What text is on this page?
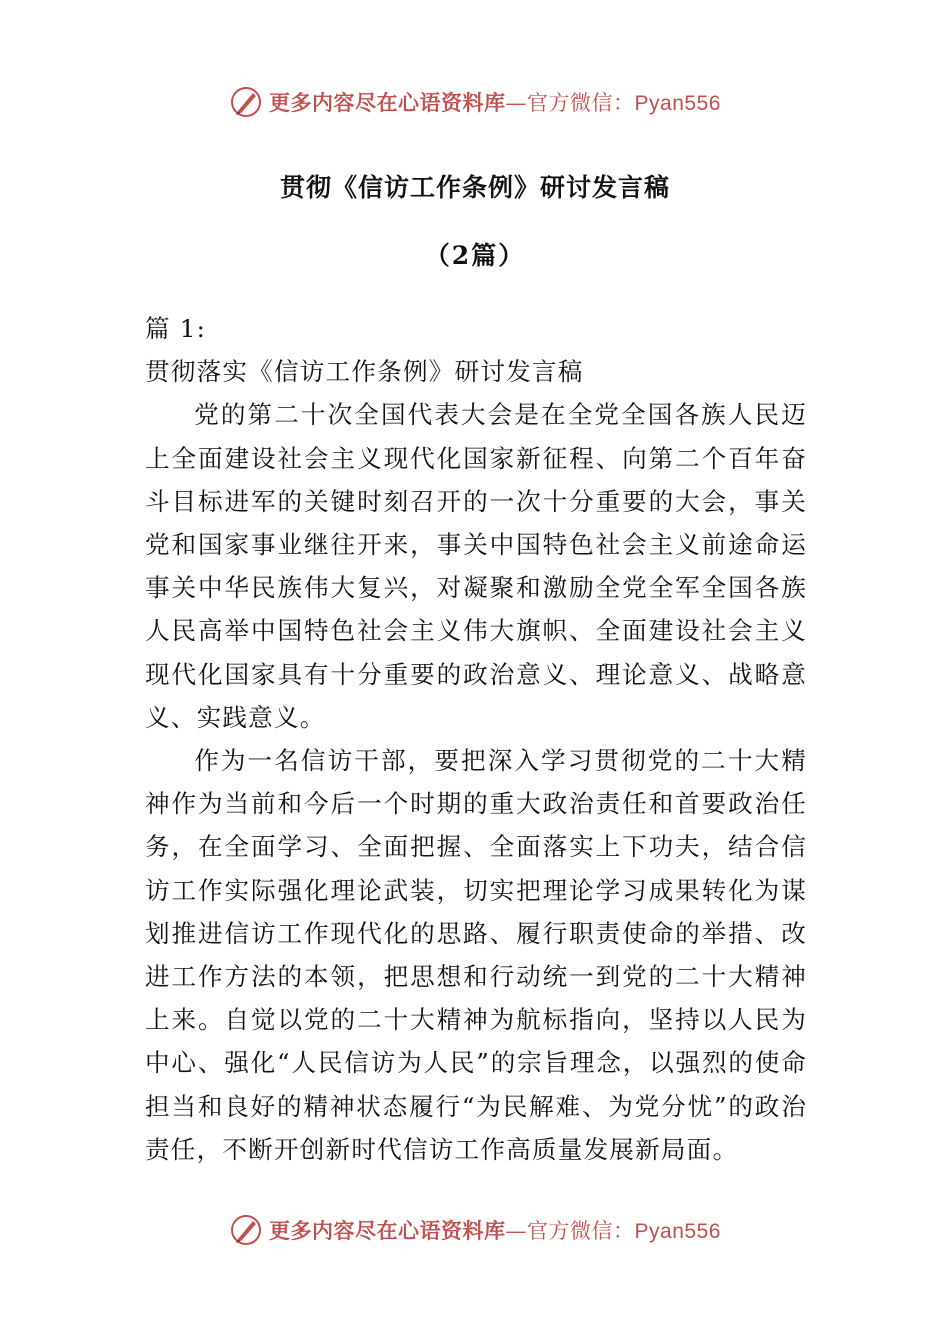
更多内容尽在心语资料库—官方微信：Pyan556
贯彻《信访工作条例》研讨发言稿
（2篇）

篇 1:

贯彻落实《信访工作条例》研讨发言稿

党的第二十次全国代表大会是在全党全国各族人民迈上全面建设社会主义现代化国家新征程、向第二个百年奋斗目标进军的关键时刻召开的一次十分重要的大会，事关党和国家事业继往开来，事关中国特色社会主义前途命运事关中华民族伟大复兴，对凝聚和激励全党全军全国各族人民高举中国特色社会主义伟大旗帜、全面建设社会主义现代化国家具有十分重要的政治意义、理论意义、战略意义、实践意义。

作为一名信访干部，要把深入学习贯彻党的二十大精神作为当前和今后一个时期的重大政治责任和首要政治任务，在全面学习、全面把握、全面落实上下功夫，结合信访工作实际强化理论武装，切实把理论学习成果转化为谋划推进信访工作现代化的思路、履行职责使命的举措、改进工作方法的本领，把思想和行动统一到党的二十大精神上来。自觉以党的二十大精神为航标指向，坚持以人民为中心、强化“人民信访为人民”的宗旨理念，以强烈的使命担当和良好的精神状态履行“为民解难、为党分忧”的政治责任，不断开创新时代信访工作高质量发展新局面。

更多内容尽在心语资料库—官方微信：Pyan556
